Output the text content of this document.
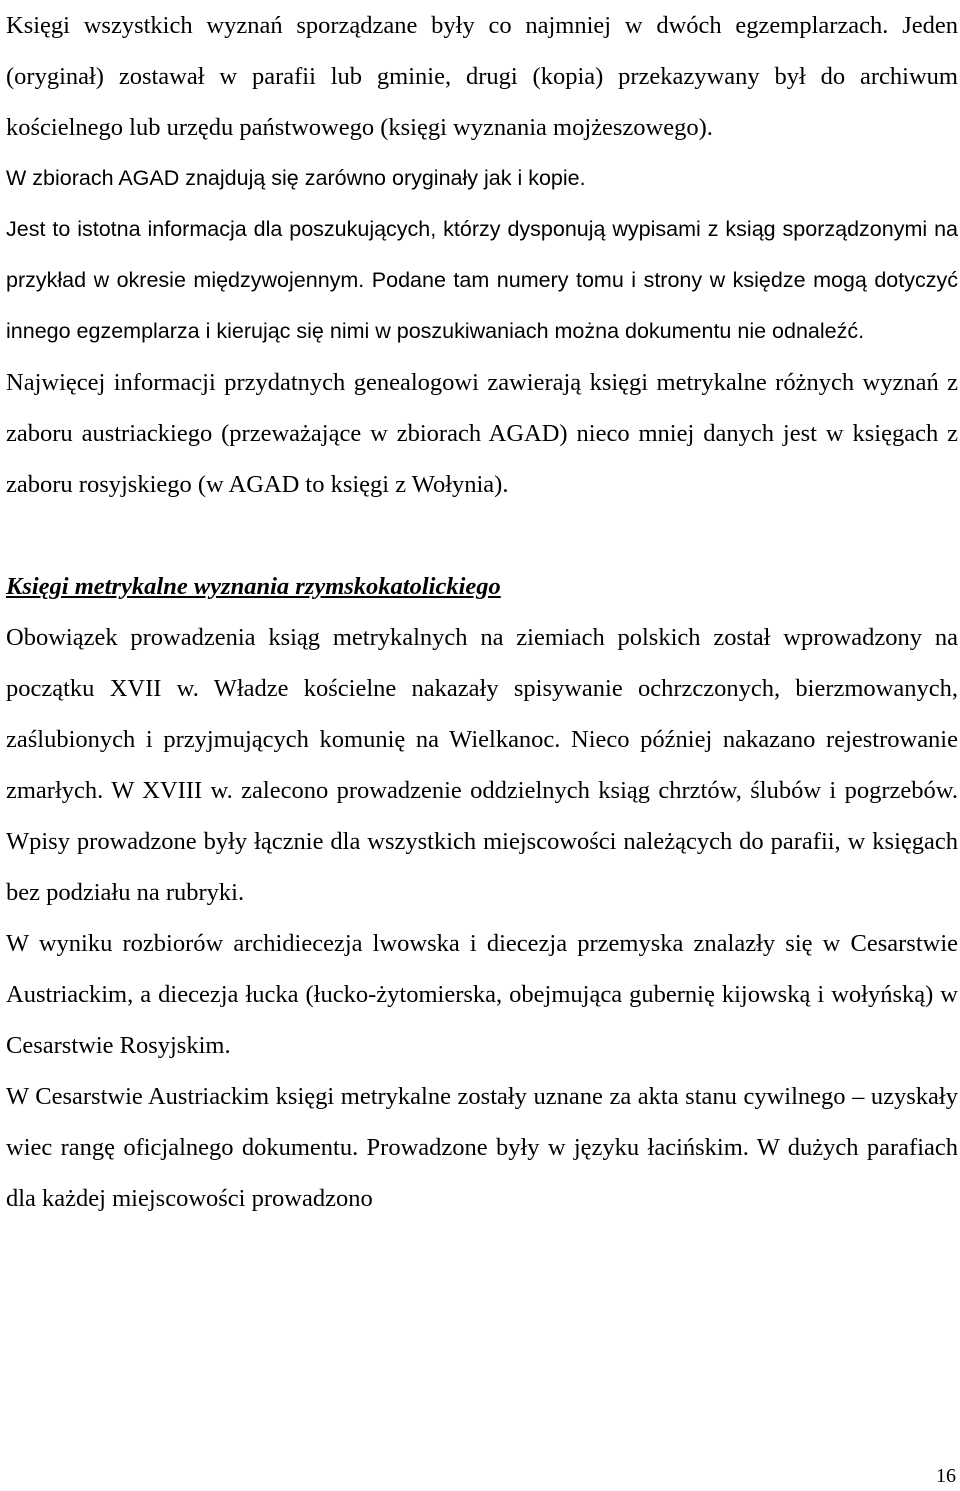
Księgi wszystkich wyznań sporządzane były co najmniej w dwóch egzemplarzach. Jeden (oryginał) zostawał w parafii lub gminie, drugi (kopia) przekazywany był do archiwum kościelnego lub urzędu państwowego (księgi wyznania mojżeszowego).

W zbiorach AGAD znajdują się zarówno oryginały jak i kopie.

Jest to istotna informacja dla poszukujących, którzy dysponują wypisami z ksiąg sporządzonymi na przykład w okresie międzywojennym. Podane tam numery tomu i strony w księdze mogą dotyczyć innego egzemplarza i kierując się nimi w poszukiwaniach można dokumentu nie odnaleźć.

Najwięcej informacji przydatnych genealogowi zawierają księgi metrykalne różnych wyznań z zaboru austriackiego (przeważające w zbiorach AGAD) nieco mniej danych jest w księgach z zaboru rosyjskiego (w AGAD to księgi z Wołynia).

Księgi metrykalne wyznania rzymskokatolickiego

Obowiązek prowadzenia ksiąg metrykalnych na ziemiach polskich został wprowadzony na początku XVII w. Władze kościelne nakazały spisywanie ochrzczonych, bierzmowanych, zaślubionych i przyjmujących komunię na Wielkanoc. Nieco później nakazano rejestrowanie zmarłych. W XVIII w. zalecono prowadzenie oddzielnych ksiąg chrztów, ślubów i pogrzebów. Wpisy prowadzone były łącznie dla wszystkich miejscowości należących do parafii, w księgach bez podziału na rubryki.

W wyniku rozbiorów archidiecezja lwowska i diecezja przemyska znalazły się w Cesarstwie Austriackim, a diecezja łucka (łucko-żytomierska, obejmująca gubernię kijowską i wołyńską) w Cesarstwie Rosyjskim.

W Cesarstwie Austriackim księgi metrykalne zostały uznane za akta stanu cywilnego – uzyskały wiec rangę oficjalnego dokumentu. Prowadzone były w języku łacińskim. W dużych parafiach dla każdej miejscowości prowadzono

16
